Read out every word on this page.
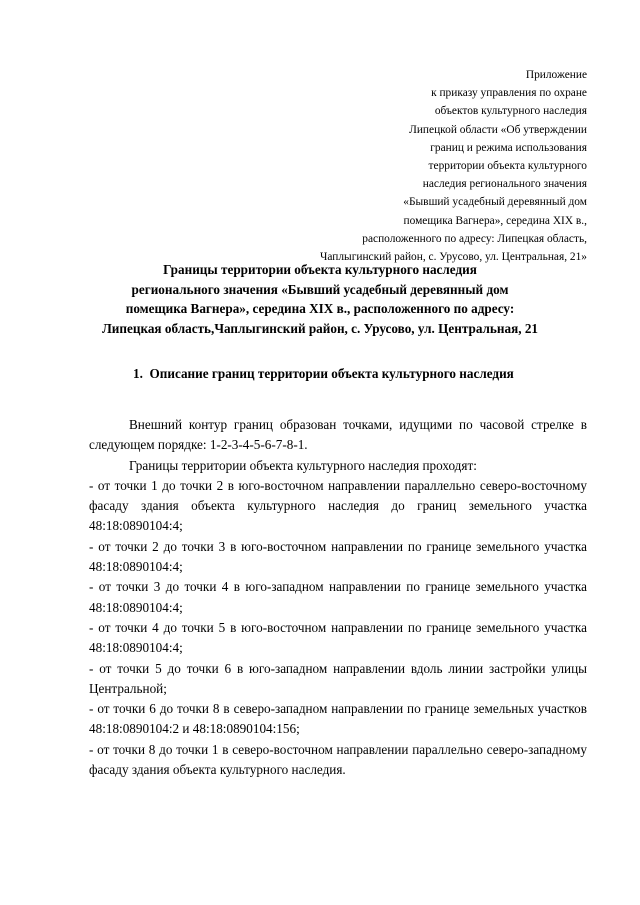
Приложение
к приказу управления по охране
объектов культурного наследия
Липецкой области «Об утверждении
границ и режима использования
территории объекта культурного
наследия регионального значения
«Бывший усадебный деревянный дом
помещика Вагнера», середина XIX в.,
расположенного по адресу: Липецкая область,
Чаплыгинский район, с. Урусово, ул. Центральная, 21»
Границы территории объекта культурного наследия
регионального значения «Бывший усадебный деревянный дом
помещика Вагнера», середина XIX в., расположенного по адресу:
Липецкая область,Чаплыгинский район, с. Урусово, ул. Центральная, 21
1. Описание границ территории объекта культурного наследия

Внешний контур границ образован точками, идущими по часовой стрелке в следующем порядке: 1-2-3-4-5-6-7-8-1.

Границы территории объекта культурного наследия проходят:

- от точки 1 до точки 2 в юго-восточном направлении параллельно северо-восточному фасаду здания объекта культурного наследия до границ земельного участка 48:18:0890104:4;

- от точки 2 до точки 3 в юго-восточном направлении по границе земельного участка 48:18:0890104:4;

- от точки 3 до точки 4 в юго-западном направлении по границе земельного участка 48:18:0890104:4;

- от точки 4 до точки 5 в юго-восточном направлении по границе земельного участка 48:18:0890104:4;

- от точки 5 до точки 6 в юго-западном направлении вдоль линии застройки улицы Центральной;

- от точки 6 до точки 8 в северо-западном направлении по границе земельных участков 48:18:0890104:2 и 48:18:0890104:156;

- от точки 8 до точки 1 в северо-восточном направлении параллельно северо-западному фасаду здания объекта культурного наследия.
